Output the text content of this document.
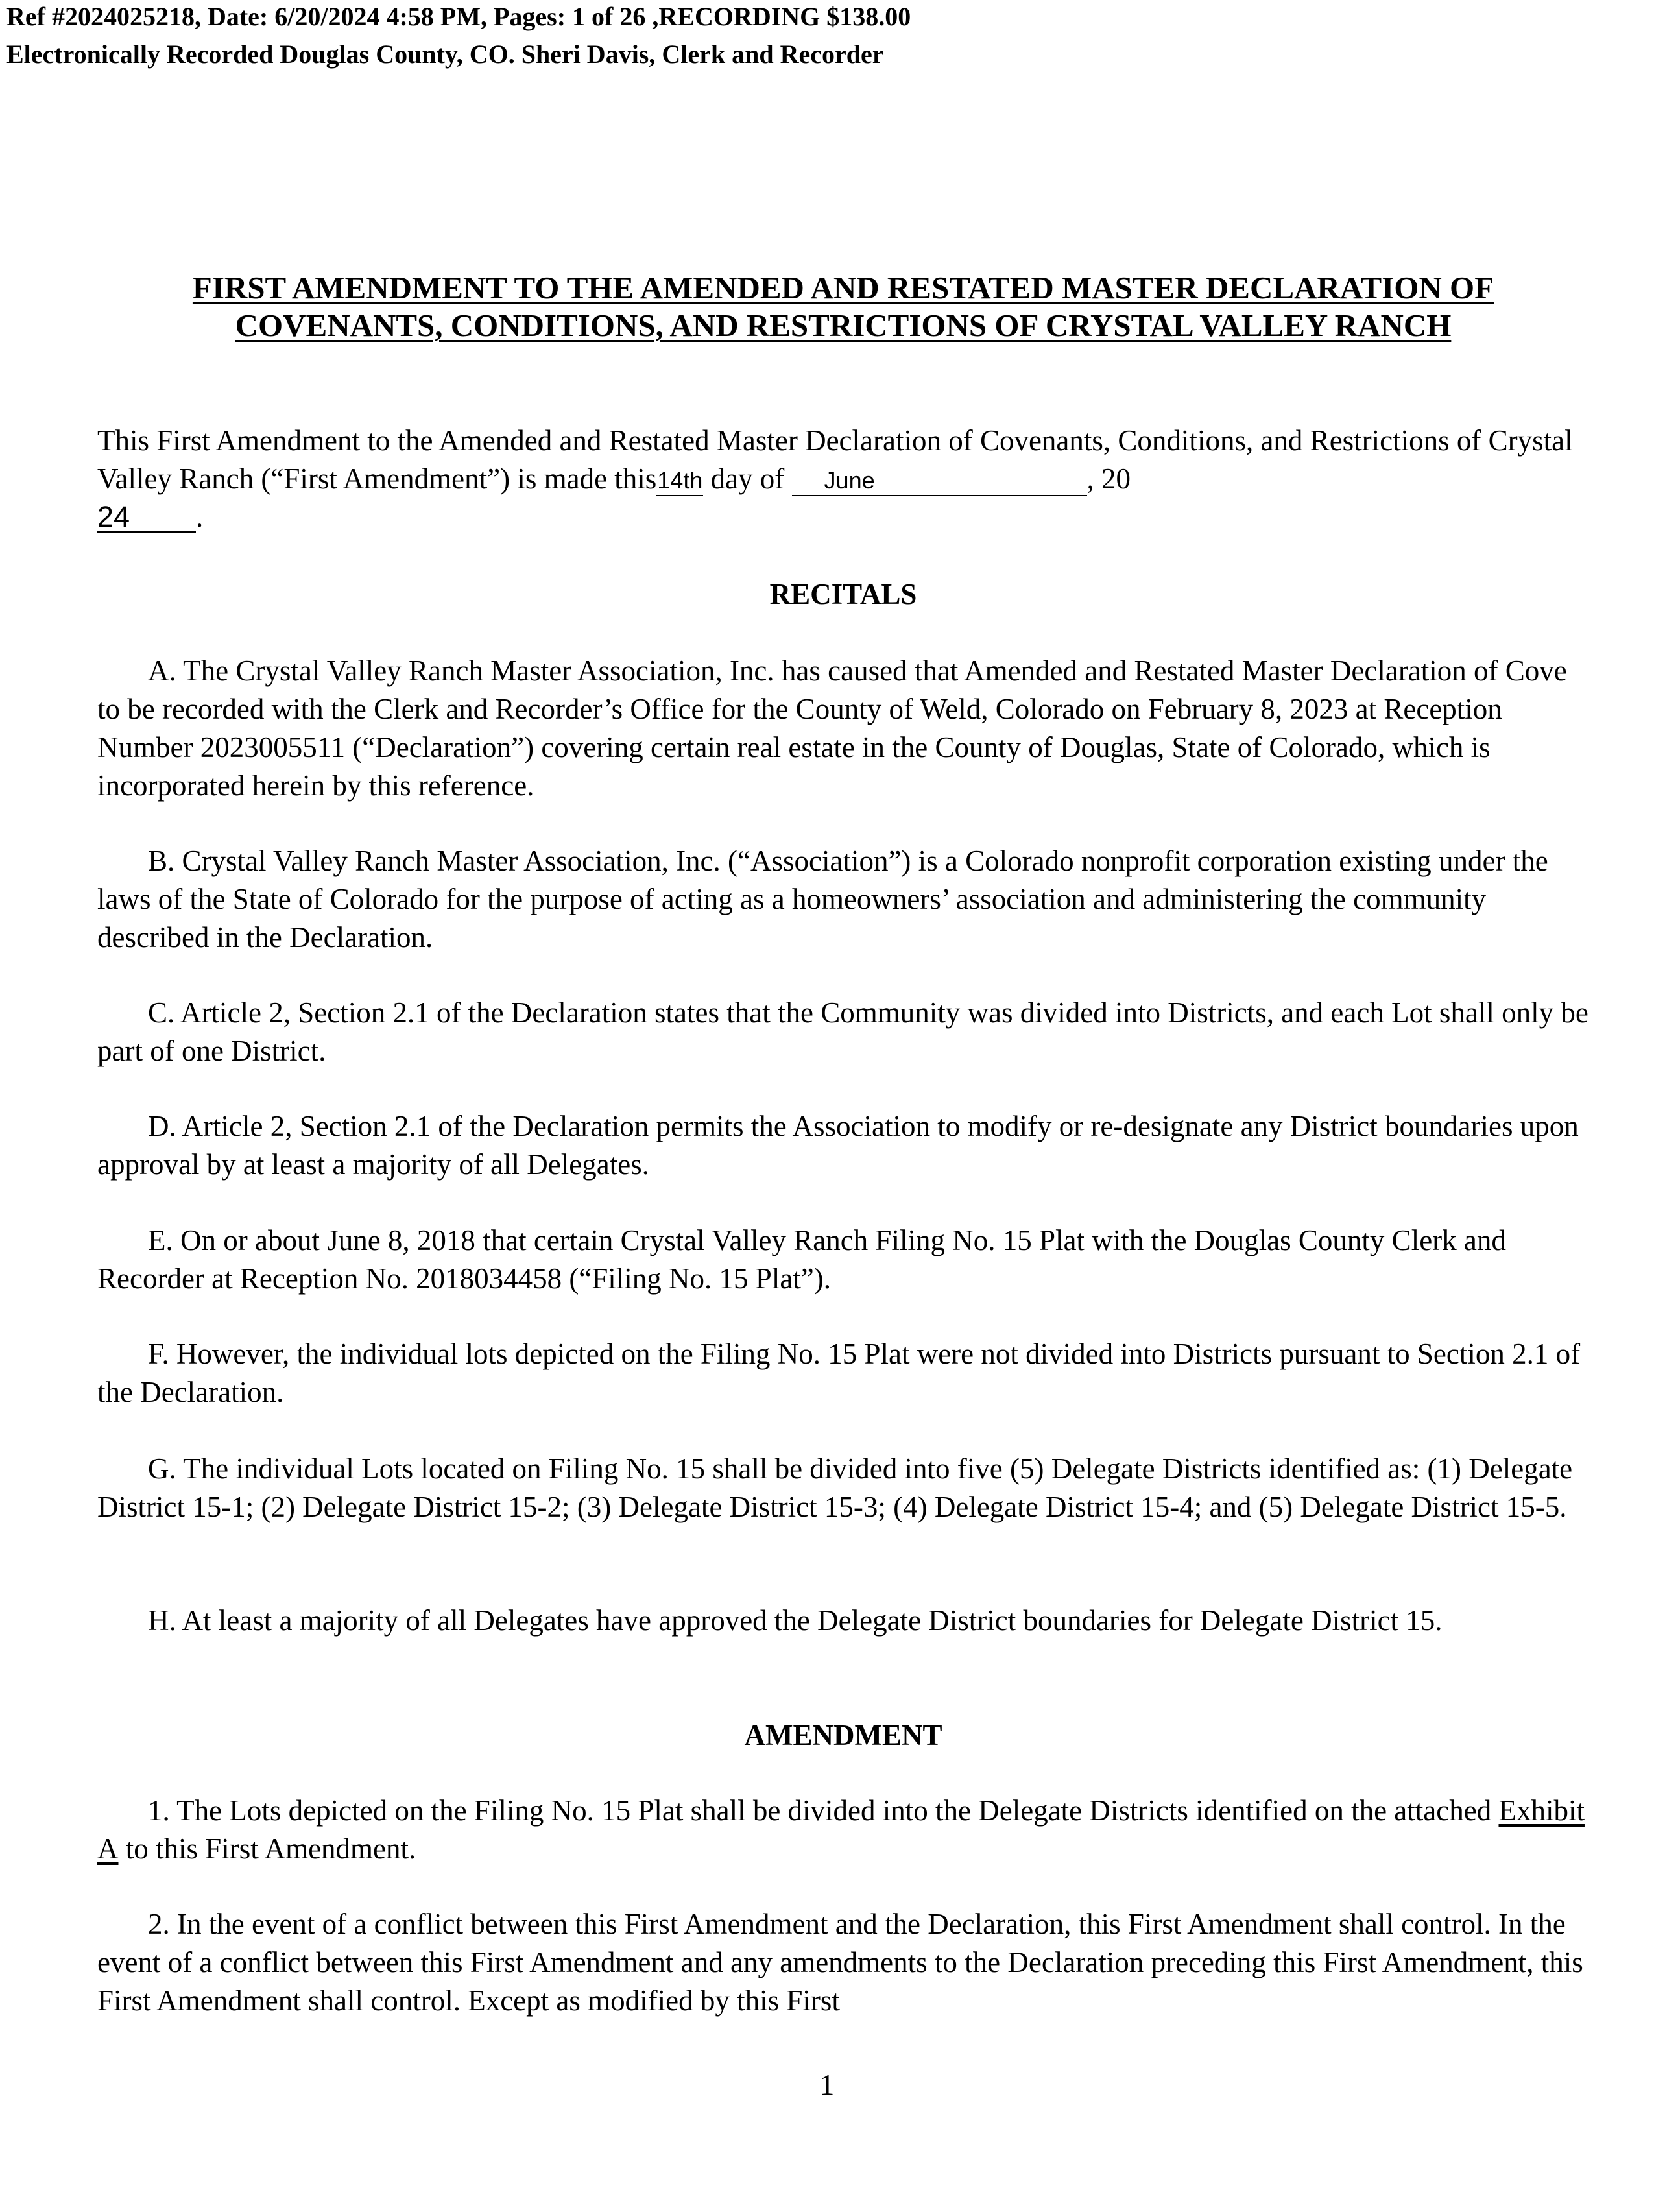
Ref #2024025218, Date: 6/20/2024 4:58 PM, Pages: 1 of 26 ,RECORDING $138.00
Electronically Recorded Douglas County, CO. Sheri Davis, Clerk and Recorder
FIRST AMENDMENT TO THE AMENDED AND RESTATED MASTER DECLARATION OF
COVENANTS, CONDITIONS, AND RESTRICTIONS OF CRYSTAL VALLEY RANCH
This First Amendment to the Amended and Restated Master Declaration of Covenants, Conditions, and Restrictions of Crystal Valley Ranch (“First Amendment”) is made this14th day of June	, 20
24 .
RECITALS
A. The Crystal Valley Ranch Master Association, Inc. has caused that Amended and Restated Master Declaration of Cove to be recorded with the Clerk and Recorder’s Office for the County of Weld, Colorado on February 8, 2023 at Reception Number 2023005511 (“Declaration”) covering certain real estate in the County of Douglas, State of Colorado, which is incorporated herein by this reference.
B. Crystal Valley Ranch Master Association, Inc. (“Association”) is a Colorado nonprofit corporation existing under the laws of the State of Colorado for the purpose of acting as a homeowners’ association and administering the community described in the Declaration.
C. Article 2, Section 2.1 of the Declaration states that the Community was divided into Districts, and each Lot shall only be part of one District.
D. Article 2, Section 2.1 of the Declaration permits the Association to modify or re-designate any District boundaries upon approval by at least a majority of all Delegates.
E. On or about June 8, 2018 that certain Crystal Valley Ranch Filing No. 15 Plat with the Douglas County Clerk and Recorder at Reception No. 2018034458 (“Filing No. 15 Plat”).
F. However, the individual lots depicted on the Filing No. 15 Plat were not divided into Districts pursuant to Section 2.1 of the Declaration.
G. The individual Lots located on Filing No. 15 shall be divided into five (5) Delegate Districts identified as: (1) Delegate District 15-1; (2) Delegate District 15-2; (3) Delegate District 15-3; (4) Delegate District 15-4; and (5) Delegate District 15-5.
H. At least a majority of all Delegates have approved the Delegate District boundaries for Delegate District 15.
AMENDMENT
1. The Lots depicted on the Filing No. 15 Plat shall be divided into the Delegate Districts identified on the attached Exhibit A to this First Amendment.
2. In the event of a conflict between this First Amendment and the Declaration, this First Amendment shall control. In the event of a conflict between this First Amendment and any amendments to the Declaration preceding this First Amendment, this First Amendment shall control. Except as modified by this First
1
